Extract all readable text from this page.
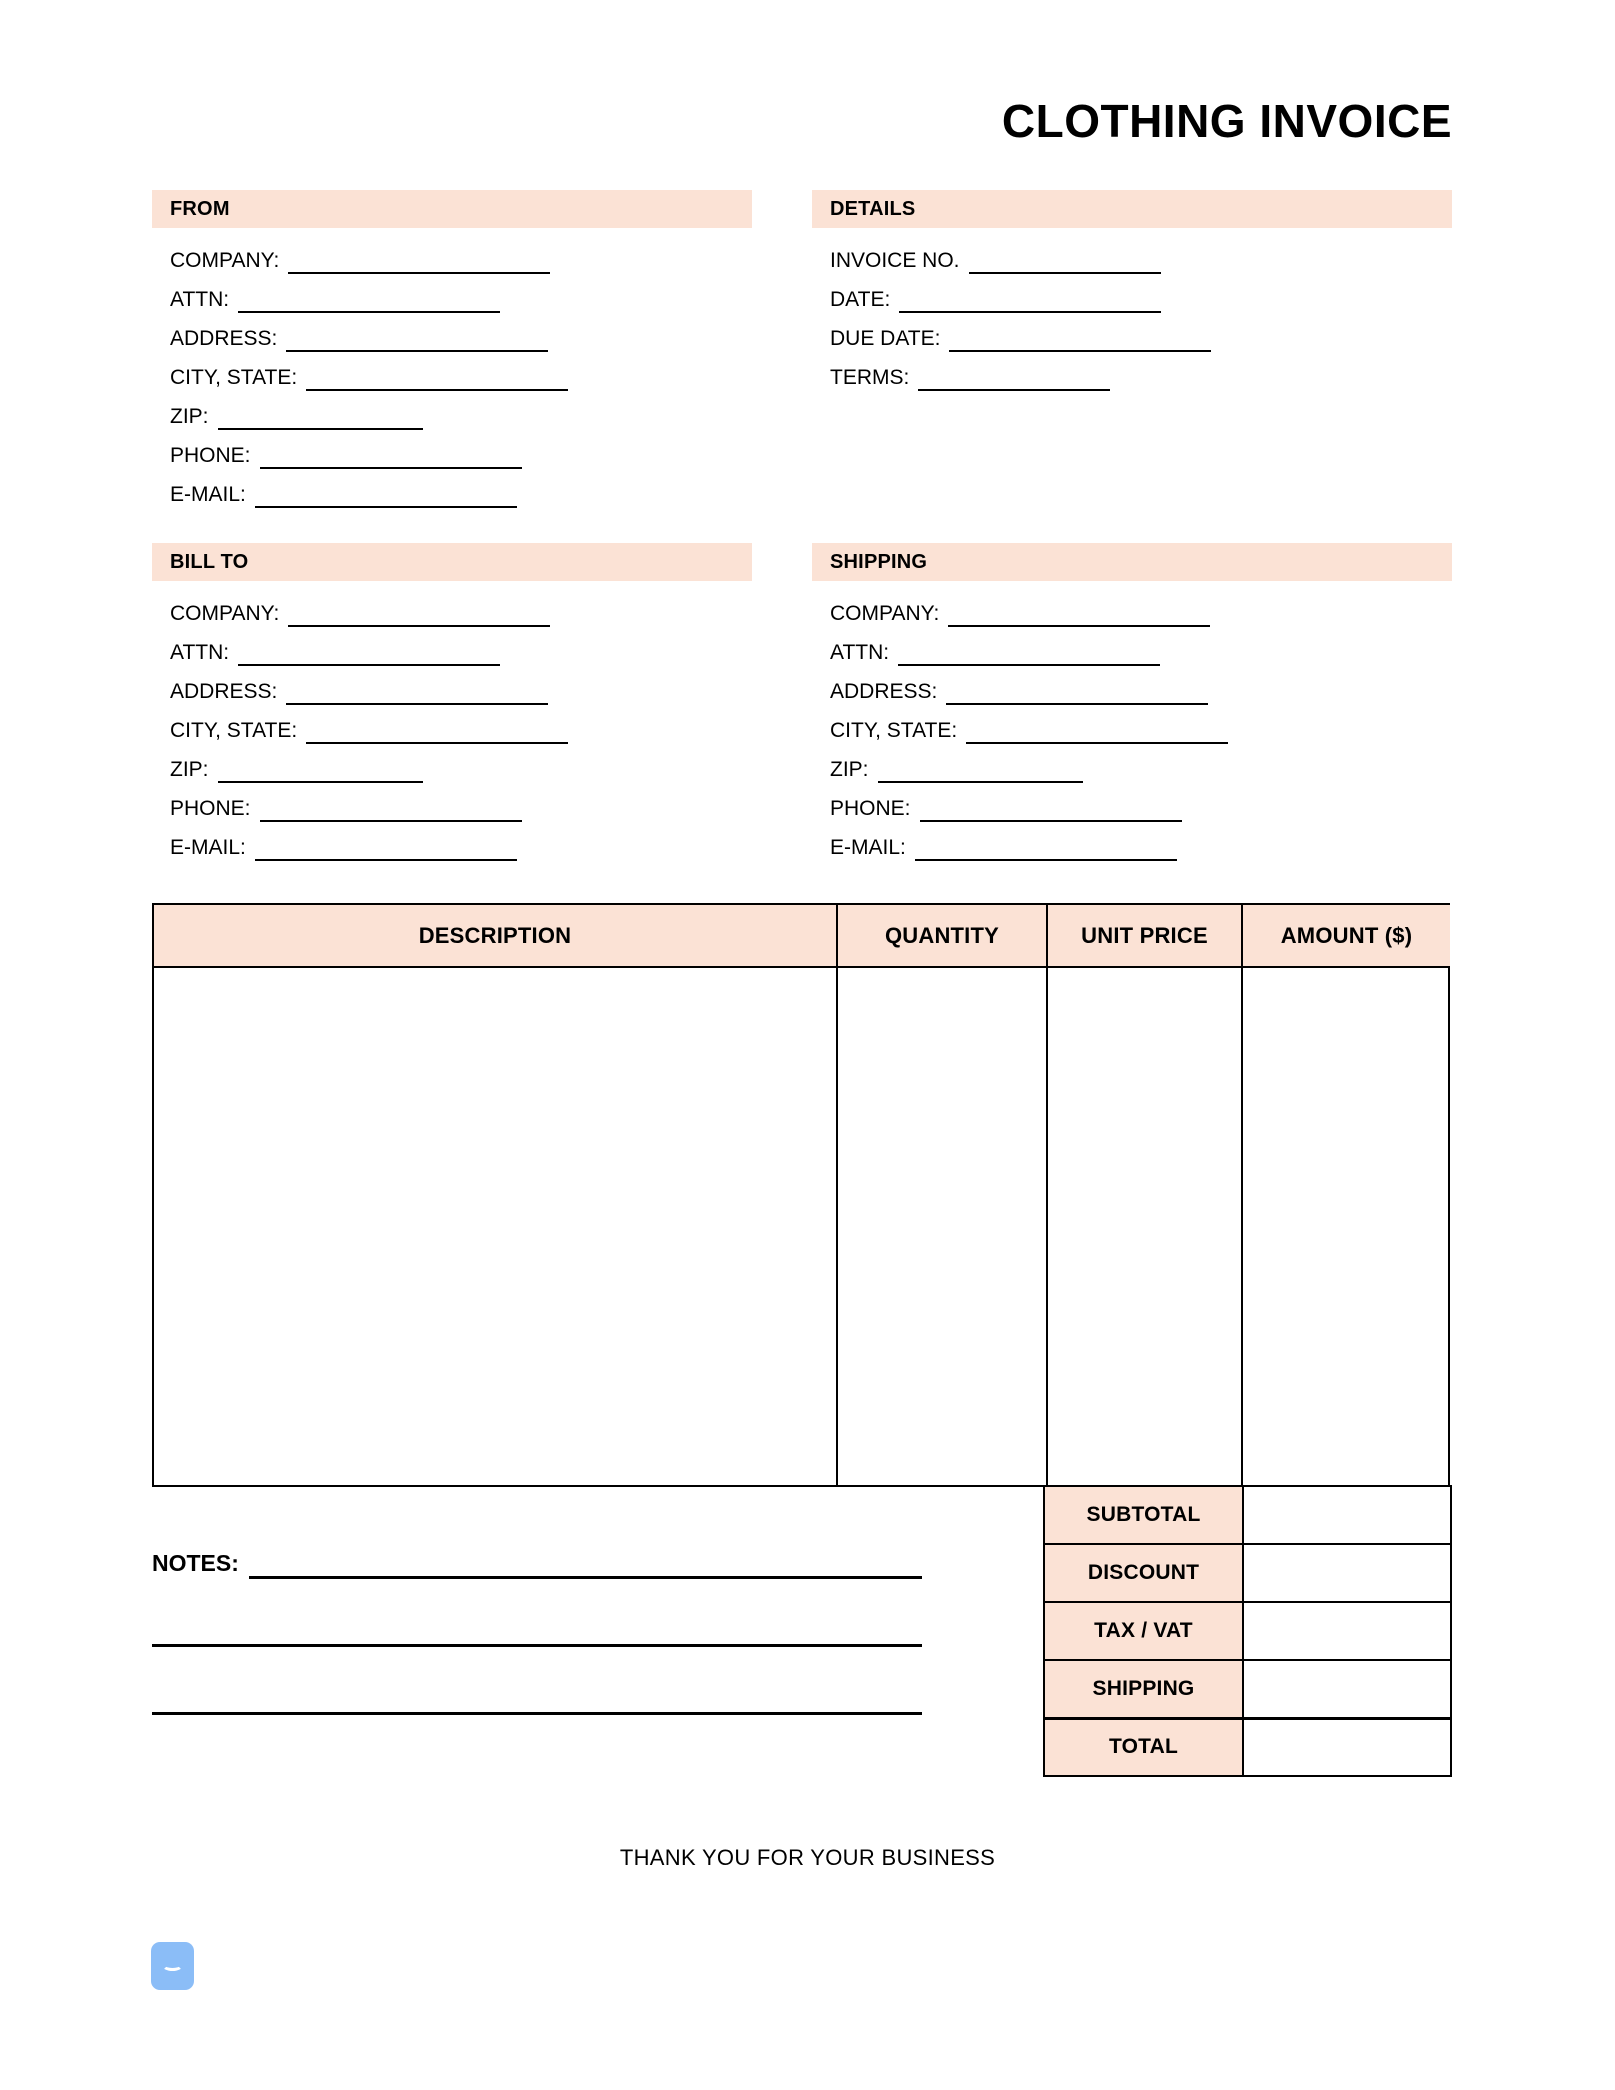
CLOTHING INVOICE
FROM
COMPANY:
ATTN:
ADDRESS:
CITY, STATE:
ZIP:
PHONE:
E-MAIL:
DETAILS
INVOICE NO.
DATE:
DUE DATE:
TERMS:
BILL TO
COMPANY:
ATTN:
ADDRESS:
CITY, STATE:
ZIP:
PHONE:
E-MAIL:
SHIPPING
COMPANY:
ATTN:
ADDRESS:
CITY, STATE:
ZIP:
PHONE:
E-MAIL:
DESCRIPTION	QUANTITY	UNIT PRICE	AMOUNT ($)

SUBTOTAL	
DISCOUNT	
TAX / VAT	
SHIPPING	
TOTAL	
NOTES:
THANK YOU FOR YOUR BUSINESS
